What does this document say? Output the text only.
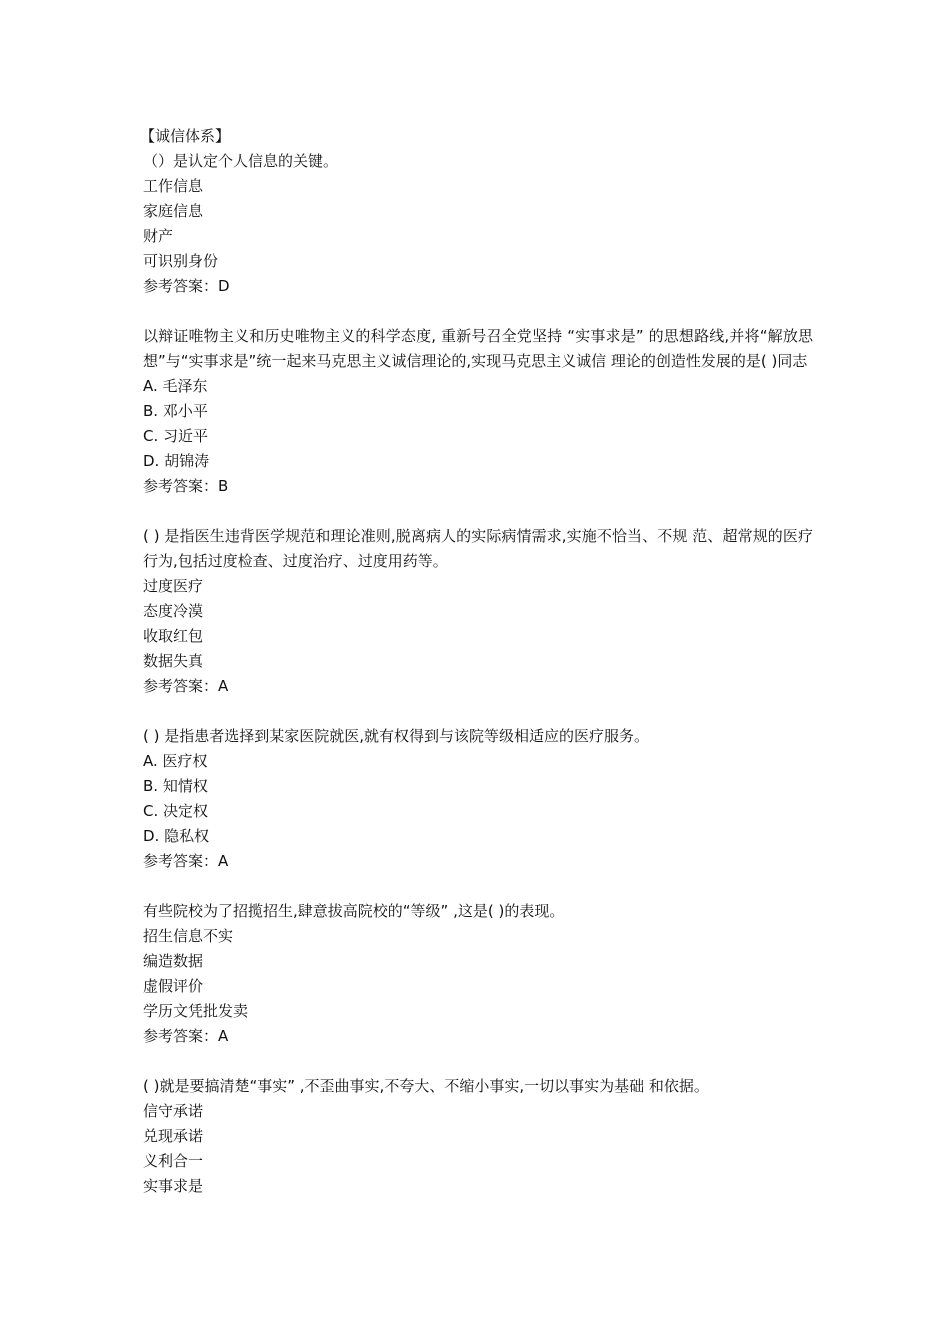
【诚信体系】

（）是认定个人信息的关键。

工作信息

家庭信息

财产

可识别身份

参考答案：D

以辩证唯物主义和历史唯物主义的科学态度, 重新号召全党坚持 “实事求是” 的思想路线,并将“解放思想”与“实事求是”统一起来马克思主义诚信理论的,实现马克思主义诚信 理论的创造性发展的是( )同志

A. 毛泽东

B. 邓小平

C. 习近平

D. 胡锦涛

参考答案：B

( ) 是指医生违背医学规范和理论准则,脱离病人的实际病情需求,实施不恰当、不规 范、超常规的医疗行为,包括过度检查、过度治疗、过度用药等。

过度医疗

态度冷漠

收取红包

数据失真

参考答案：A

( ) 是指患者选择到某家医院就医,就有权得到与该院等级相适应的医疗服务。

A. 医疗权

B. 知情权

C. 决定权

D. 隐私权

参考答案：A

有些院校为了招揽招生,肆意拔高院校的“等级” ,这是( )的表现。

招生信息不实

编造数据

虚假评价

学历文凭批发卖

参考答案：A

( )就是要搞清楚“事实” ,不歪曲事实,不夸大、不缩小事实,一切以事实为基础 和依据。

信守承诺

兑现承诺

义利合一

实事求是
